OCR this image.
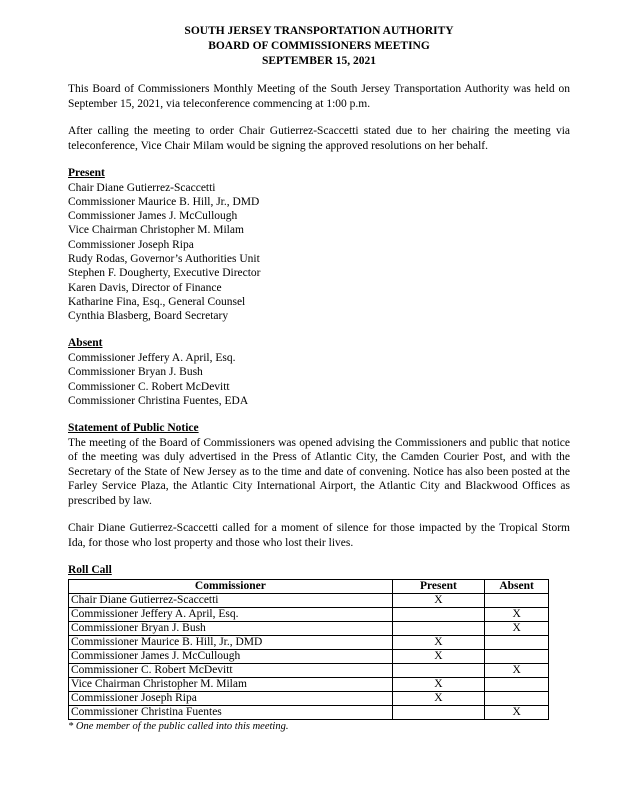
SOUTH JERSEY TRANSPORTATION AUTHORITY
BOARD OF COMMISSIONERS MEETING
SEPTEMBER 15, 2021

This Board of Commissioners Monthly Meeting of the South Jersey Transportation Authority was held on September 15, 2021, via teleconference commencing at 1:00 p.m.

After calling the meeting to order Chair Gutierrez-Scaccetti stated due to her chairing the meeting via teleconference, Vice Chair Milam would be signing the approved resolutions on her behalf.

Present
Chair Diane Gutierrez-Scaccetti
Commissioner Maurice B. Hill, Jr., DMD
Commissioner James J. McCullough
Vice Chairman Christopher M. Milam
Commissioner Joseph Ripa
Rudy Rodas, Governor’s Authorities Unit
Stephen F. Dougherty, Executive Director
Karen Davis, Director of Finance
Katharine Fina, Esq., General Counsel
Cynthia Blasberg, Board Secretary
Absent
Commissioner Jeffery A. April, Esq.
Commissioner Bryan J. Bush
Commissioner C. Robert McDevitt
Commissioner Christina Fuentes, EDA
Statement of Public Notice

The meeting of the Board of Commissioners was opened advising the Commissioners and public that notice of the meeting was duly advertised in the Press of Atlantic City, the Camden Courier Post, and with the Secretary of the State of New Jersey as to the time and date of convening. Notice has also been posted at the Farley Service Plaza, the Atlantic City International Airport, the Atlantic City and Blackwood Offices as prescribed by law.

Chair Diane Gutierrez-Scaccetti called for a moment of silence for those impacted by the Tropical Storm Ida, for those who lost property and those who lost their lives.

Roll Call
Commissioner	Present	Absent
Chair Diane Gutierrez-Scaccetti	X	
Commissioner Jeffery A. April, Esq.		X
Commissioner Bryan J. Bush		X
Commissioner Maurice B. Hill, Jr., DMD	X	
Commissioner James J. McCullough	X	
Commissioner C. Robert McDevitt		X
Vice Chairman Christopher M. Milam	X	
Commissioner Joseph Ripa	X	
Commissioner Christina Fuentes		X
* One member of the public called into this meeting.
